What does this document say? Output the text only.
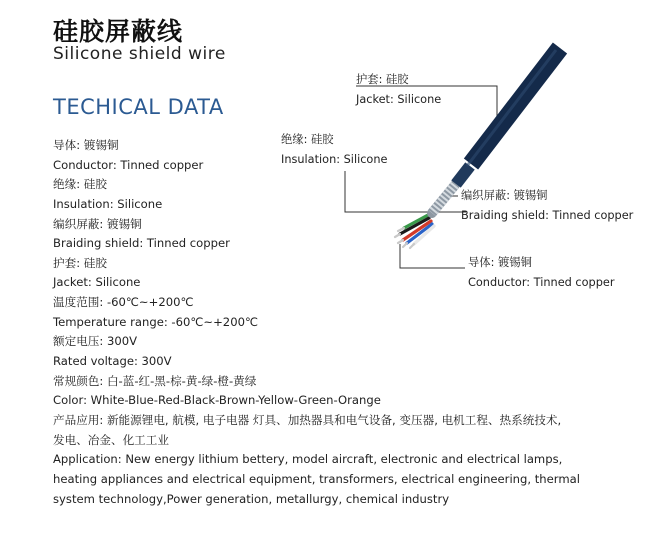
硅胶屏蔽线
Silicone shield wire
TECHICAL DATA
导体: 镀锡铜
Conductor: Tinned copper
绝缘: 硅胶
Insulation: Silicone
编织屏蔽: 镀锡铜
Braiding shield: Tinned copper
护套: 硅胶
Jacket: Silicone
温度范围: -60℃~+200℃
Temperature range: -60℃~+200℃
额定电压: 300V
Rated voltage: 300V
常规颜色: 白-蓝-红-黑-棕-黄-绿-橙-黄绿
Color: White-Blue-Red-Black-Brown-Yellow-Green-Orange
产品应用: 新能源锂电, 航模, 电子电器 灯具、加热器具和电气设备, 变压器, 电机工程、热系统技术,
发电、冶金、化工工业
Application: New energy lithium bettery, model aircraft, electronic and electrical lamps,
heating appliances and electrical equipment, transformers, electrical engineering, thermal
system technology,Power generation, metallurgy, chemical industry
护套: 硅胶
Jacket: Silicone
绝缘: 硅胶
Insulation: Silicone
编织屏蔽: 镀锡铜
Braiding shield: Tinned copper
导体: 镀锡铜
Conductor: Tinned copper
